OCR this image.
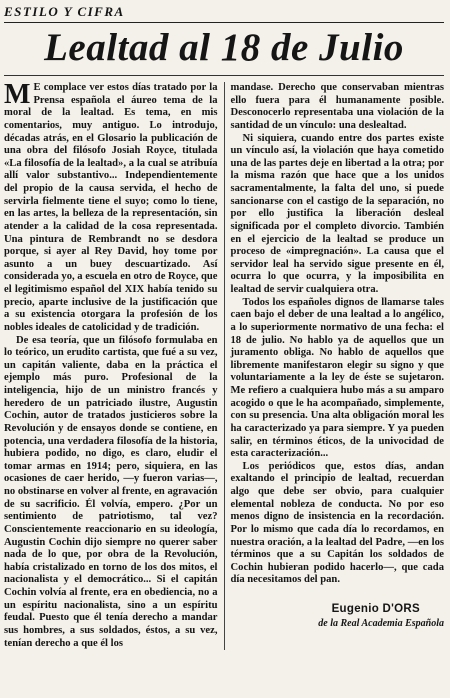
ESTILO Y CIFRA
Lealtad al 18 de Julio

M E complace ver estos días tratado por la Prensa española el áureo tema de la moral de la lealtad. Es tema, en mis comentarios, muy antiguo. Lo introdujo, décadas atrás, en el Glosario la publicación de una obra del filósofo Josiah Royce, titulada «La filosofía de la lealtad», a la cual se atribuía allí valor substantivo... Independientemente del propio de la causa servida, el hecho de servirla fielmente tiene el suyo; como lo tiene, en las artes, la belleza de la representación, sin atender a la calidad de la cosa representada. Una pintura de Rembrandt no se desdora porque, si ayer al Rey David, hoy tome por asunto a un buey descuartizado. Así considerada yo, a escuela en otro de Royce, que el legitimismo español del XIX había tenido su precio, aparte inclusive de la justificación que a su existencia otorgara la profesión de los nobles ideales de catolicidad y de tradición.

De esa teoría, que un filósofo formulaba en lo teórico, un erudito cartista, que fué a su vez, un capitán valiente, daba en la práctica el ejemplo más puro. Profesional de la inteligencia, hijo de un ministro francés y heredero de un patriciado ilustre, Augustin Cochin, autor de tratados justicieros sobre la Revolución y de ensayos donde se contiene, en potencia, una verdadera filosofía de la historia, hubiera podido, no digo, es claro, eludir el tomar armas en 1914; pero, siquiera, en las ocasiones de caer herido, —y fueron varias—, no obstinarse en volver al frente, en agravación de su sacrificio. Él volvía, empero. ¿Por un sentimiento de patriotismo, tal vez? Conscientemente reaccionario en su ideología, Augustin Cochin dijo siempre no querer saber nada de lo que, por obra de la Revolución, había cristalizado en torno de los dos mitos, el nacionalista y el democrático... Si el capitán Cochin volvía al frente, era en obediencia, no a un espíritu nacionalista, sino a un espíritu feudal. Puesto que él tenía derecho a mandar sus hombres, a sus soldados, éstos, a su vez, tenían derecho a que él los

mandase. Derecho que conservaban mientras ello fuera para él humanamente posible. Desconocerlo representaba una violación de la santidad de un vínculo: una deslealtad.

Ni siquiera, cuando entre dos partes existe un vínculo así, la violación que haya cometido una de las partes deje en libertad a la otra; por la misma razón que hace que a los unidos sacramentalmente, la falta del uno, si puede sancionarse con el castigo de la separación, no por ello justifica la liberación desleal significada por el completo divorcio. También en el ejercicio de la lealtad se produce un proceso de «impregnación». La causa que el servidor leal ha servido sigue presente en él, ocurra lo que ocurra, y la imposibilita en lealtad de servir cualquiera otra.

Todos los españoles dignos de llamarse tales caen bajo el deber de una lealtad a lo angélico, a lo superiormente normativo de una fecha: el 18 de julio. No hablo ya de aquellos que un juramento obliga. No hablo de aquellos que libremente manifestaron elegir su signo y que voluntariamente a la ley de éste se sujetaron. Me refiero a cualquiera hubo más a su amparo acogido o que le ha acompañado, simplemente, con su presencia. Una alta obligación moral les ha caracterizado ya para siempre. Y ya pueden salir, en términos éticos, de la univocidad de esta caracterización...

Los periódicos que, estos días, andan exaltando el principio de lealtad, recuerdan algo que debe ser obvio, para cualquier elemental nobleza de conducta. No por eso menos digno de insistencia en la recordación. Por lo mismo que cada día lo recordamos, en nuestra oración, a la lealtad del Padre, —en los términos que a su Capitán los soldados de Cochin hubieran podido hacerlo—, que cada día necesitamos del pan.

Eugenio D'ORS
de la Real Academia Española
